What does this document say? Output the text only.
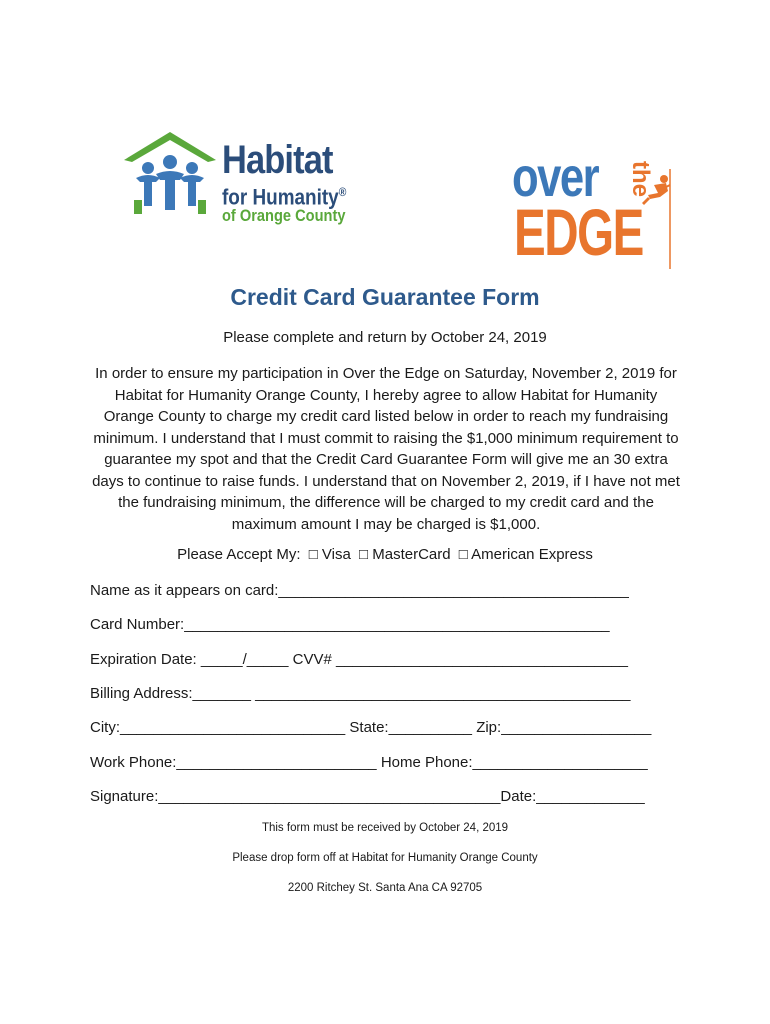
Habitat
for Humanity®
of Orange County
over the
EDGE
Credit Card Guarantee Form
Please complete and return by October 24, 2019
In order to ensure my participation in Over the Edge on Saturday, November 2, 2019 for Habitat for Humanity Orange County, I hereby agree to allow Habitat for Humanity Orange County to charge my credit card listed below in order to reach my fundraising minimum. I understand that I must commit to raising the $1,000 minimum requirement to guarantee my spot and that the Credit Card Guarantee Form will give me an 30 extra days to continue to raise funds. I understand that on November 2, 2019, if I have not met the fundraising minimum, the difference will be charged to my credit card and the maximum amount I may be charged is $1,000.
Please Accept My: □ Visa □ MasterCard □ American Express
Name as it appears on card:__________________________________________
Card Number:___________________________________________________
Expiration Date: _____/_____ CVV# ___________________________________
Billing Address:_______ _____________________________________________
City:___________________________ State:__________ Zip:__________________
Work Phone:________________________ Home Phone:_____________________
Signature:_________________________________________Date:_____________
This form must be received by October 24, 2019
Please drop form off at Habitat for Humanity Orange County
2200 Ritchey St. Santa Ana CA 92705
